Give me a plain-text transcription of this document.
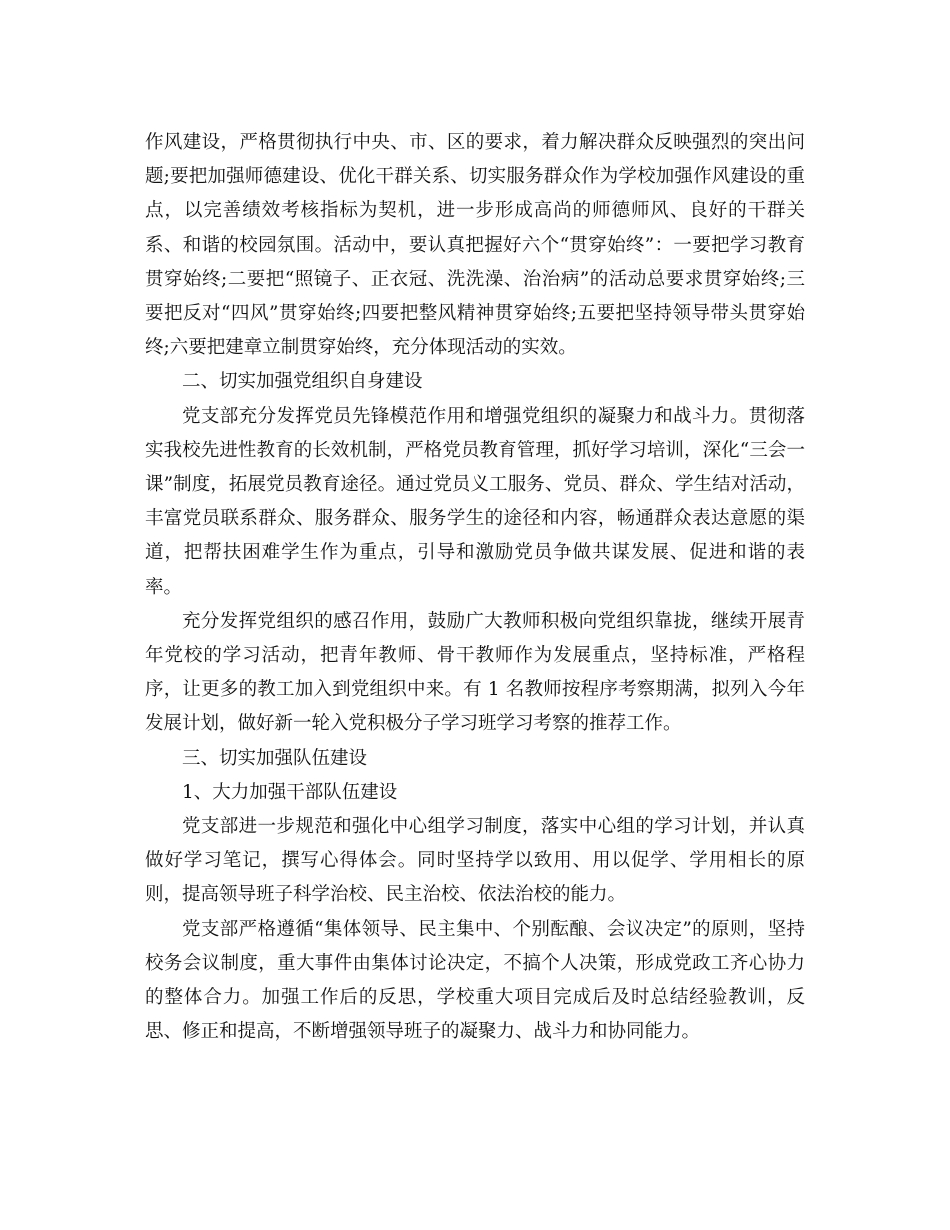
作风建设，严格贯彻执行中央、市、区的要求，着力解决群众反映强烈的突出问题;要把加强师德建设、优化干群关系、切实服务群众作为学校加强作风建设的重点，以完善绩效考核指标为契机，进一步形成高尚的师德师风、良好的干群关系、和谐的校园氛围。活动中，要认真把握好六个“贯穿始终”：一要把学习教育贯穿始终;二要把“照镜子、正衣冠、洗洗澡、治治病”的活动总要求贯穿始终;三要把反对“四风”贯穿始终;四要把整风精神贯穿始终;五要把坚持领导带头贯穿始终;六要把建章立制贯穿始终，充分体现活动的实效。

二、切实加强党组织自身建设

党支部充分发挥党员先锋模范作用和增强党组织的凝聚力和战斗力。贯彻落实我校先进性教育的长效机制，严格党员教育管理，抓好学习培训，深化“三会一课”制度，拓展党员教育途径。通过党员义工服务、党员、群众、学生结对活动，丰富党员联系群众、服务群众、服务学生的途径和内容，畅通群众表达意愿的渠道，把帮扶困难学生作为重点，引导和激励党员争做共谋发展、促进和谐的表率。

充分发挥党组织的感召作用，鼓励广大教师积极向党组织靠拢，继续开展青年党校的学习活动，把青年教师、骨干教师作为发展重点，坚持标准，严格程序，让更多的教工加入到党组织中来。有 1 名教师按程序考察期满，拟列入今年发展计划，做好新一轮入党积极分子学习班学习考察的推荐工作。

三、切实加强队伍建设

1、大力加强干部队伍建设

党支部进一步规范和强化中心组学习制度，落实中心组的学习计划，并认真做好学习笔记，撰写心得体会。同时坚持学以致用、用以促学、学用相长的原则，提高领导班子科学治校、民主治校、依法治校的能力。

党支部严格遵循“集体领导、民主集中、个别酝酿、会议决定”的原则，坚持校务会议制度，重大事件由集体讨论决定，不搞个人决策，形成党政工齐心协力的整体合力。加强工作后的反思，学校重大项目完成后及时总结经验教训，反思、修正和提高，不断增强领导班子的凝聚力、战斗力和协同能力。
